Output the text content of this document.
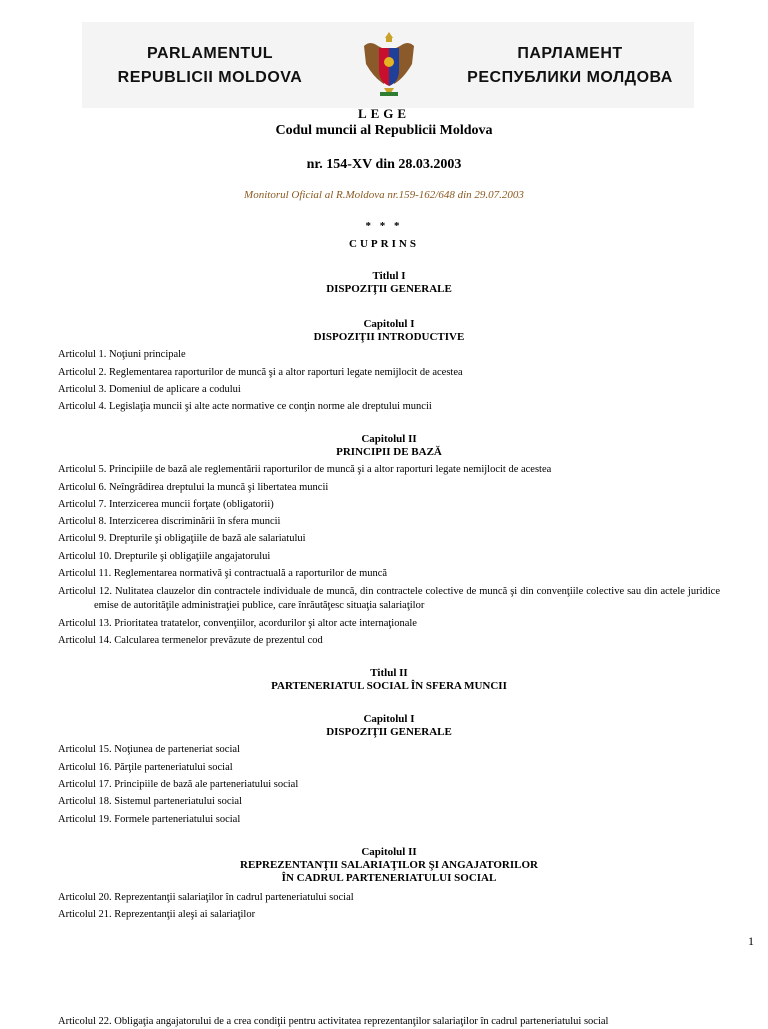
PARLAMENTUL
REPUBLICII MOLDOVA
ПАРЛАМЕНТ
РЕСПУБЛИКИ МОЛДОВА
LEGE
Codul muncii al Republicii Moldova
nr. 154-XV din 28.03.2003
Monitorul Oficial al R.Moldova nr.159-162/648 din 29.07.2003
* * *
CUPRINS
Titlul I
DISPOZIŢII GENERALE
Capitolul I
DISPOZIŢII INTRODUCTIVE
Articolul 1. Noţiuni principale
Articolul 2. Reglementarea raporturilor de muncă şi a altor raporturi legate nemijlocit de acestea
Articolul 3. Domeniul de aplicare a codului
Articolul 4. Legislaţia muncii şi alte acte normative ce conţin norme ale dreptului muncii
Capitolul II
PRINCIPII DE BAZĂ
Articolul 5. Principiile de bază ale reglementării raporturilor de muncă şi a altor raporturi legate nemijlocit de acestea
Articolul 6. Neîngrădirea dreptului la muncă şi libertatea muncii
Articolul 7. Interzicerea muncii forţate (obligatorii)
Articolul 8. Interzicerea discriminării în sfera muncii
Articolul 9. Drepturile şi obligaţiile de bază ale salariatului
Articolul 10. Drepturile şi obligaţiile angajatorului
Articolul 11. Reglementarea normativă şi contractuală a raporturilor de muncă
Articolul 12. Nulitatea clauzelor din contractele individuale de muncă, din contractele colective de muncă şi din convenţiile colective sau din actele juridice emise de autorităţile administraţiei publice, care înrăutăţesc situaţia salariaţilor
Articolul 13. Prioritatea tratatelor, convenţiilor, acordurilor şi altor acte internaţionale
Articolul 14. Calcularea termenelor prevăzute de prezentul cod
Titlul II
PARTENERIATUL SOCIAL ÎN SFERA MUNCII
Capitolul I
DISPOZIŢII GENERALE
Articolul 15. Noţiunea de parteneriat social
Articolul 16. Părţile parteneriatului social
Articolul 17. Principiile de bază ale parteneriatului social
Articolul 18. Sistemul parteneriatului social
Articolul 19. Formele parteneriatului social
Capitolul II
REPREZENTANŢII SALARIAŢILOR ŞI ANGAJATORILOR
ÎN CADRUL PARTENERIATULUI SOCIAL
Articolul 20. Reprezentanţii salariaţilor în cadrul parteneriatului social
Articolul 21. Reprezentanţii aleşi ai salariaţilor
1
Articolul 22. Obligaţia angajatorului de a crea condiţii pentru activitatea reprezentanţilor salariaţilor în cadrul parteneriatului social
